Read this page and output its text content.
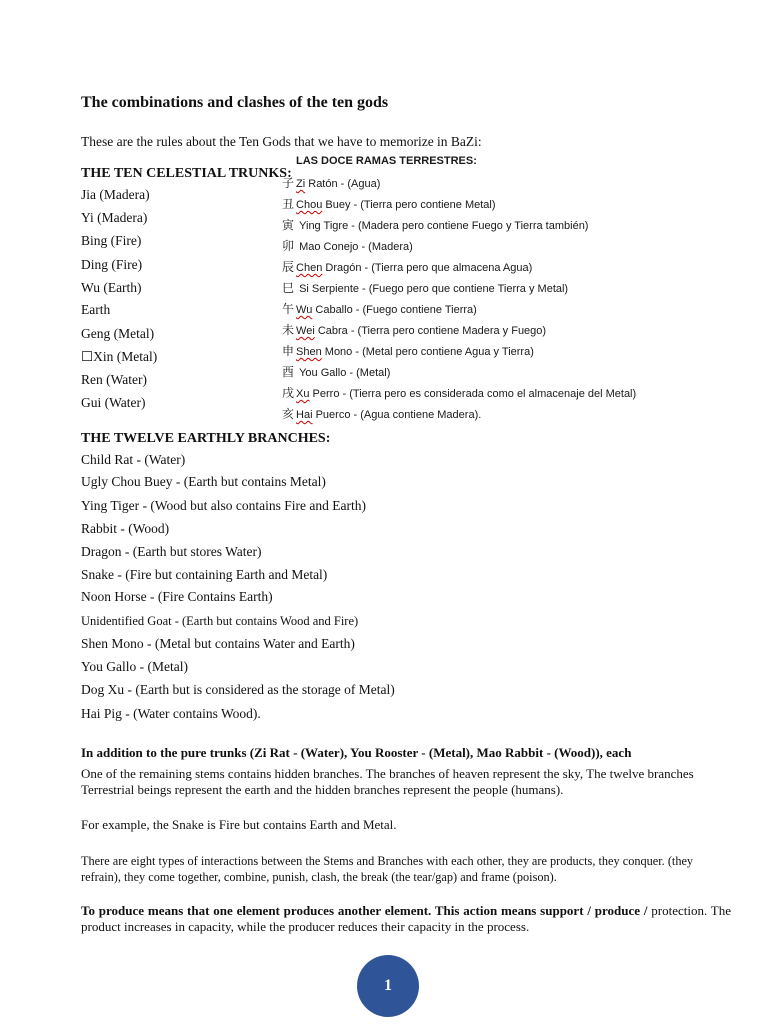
The combinations and clashes of the ten gods
These are the rules about the Ten Gods that we have to memorize in BaZi:
THE TEN CELESTIAL TRUNKS:
Jia (Madera)
Yi (Madera)
Bing (Fire)
Ding (Fire)
Wu (Earth)
Earth
Geng (Metal)
☐Xin (Metal)
Ren (Water)
Gui (Water)
LAS DOCE RAMAS TERRESTRES:
子 Zi Ratón - (Agua)
丑 Chou Buey - (Tierra pero contiene Metal)
寅 Ying Tigre - (Madera pero contiene Fuego y Tierra también)
卯 Mao Conejo - (Madera)
辰 Chen Dragón - (Tierra pero que almacena Agua)
巳 Si Serpiente - (Fuego pero que contiene Tierra y Metal)
午 Wu Caballo - (Fuego contiene Tierra)
未 Wei Cabra - (Tierra pero contiene Madera y Fuego)
申 Shen Mono - (Metal pero contiene Agua y Tierra)
酉 You Gallo - (Metal)
戌 Xu Perro - (Tierra pero es considerada como el almacenaje del Metal)
亥 Hai Puerco - (Agua contiene Madera).
THE TWELVE EARTHLY BRANCHES:
Child Rat - (Water)
Ugly Chou Buey - (Earth but contains Metal)
Ying Tiger - (Wood but also contains Fire and Earth)
Rabbit - (Wood)
Dragon - (Earth but stores Water)
Snake - (Fire but containing Earth and Metal)
Noon Horse - (Fire Contains Earth)
Unidentified Goat - (Earth but contains Wood and Fire)
Shen Mono - (Metal but contains Water and Earth)
You Gallo - (Metal)
Dog Xu - (Earth but is considered as the storage of Metal)
Hai Pig - (Water contains Wood).
In addition to the pure trunks (Zi Rat - (Water), You Rooster - (Metal), Mao Rabbit - (Wood)), each
One of the remaining stems contains hidden branches. The branches of heaven represent the sky, The twelve branches Terrestrial beings represent the earth and the hidden branches represent the people (humans).
For example, the Snake is Fire but contains Earth and Metal.
There are eight types of interactions between the Stems and Branches with each other, they are products, they conquer. (they refrain), they come together, combine, punish, clash, the break (the tear/gap) and frame (poison).
To produce means that one element produces another element. This action means support / produce / protection. The product increases in capacity, while the producer reduces their capacity in the process.
1
